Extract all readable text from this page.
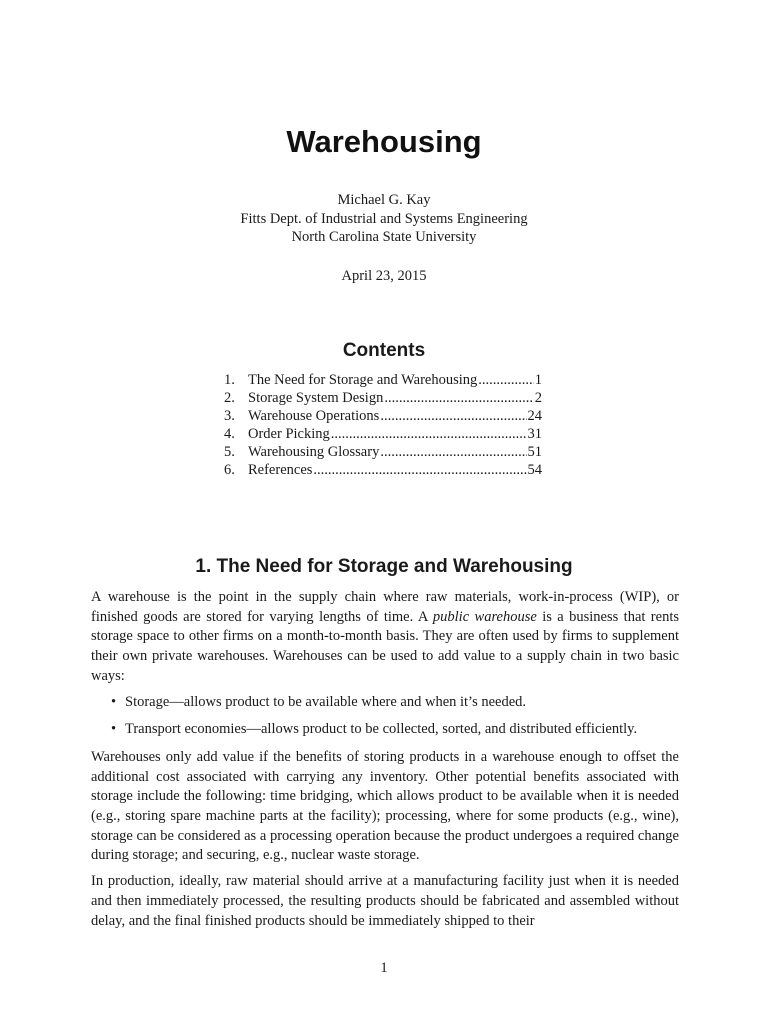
Warehousing
Michael G. Kay
Fitts Dept. of Industrial and Systems Engineering
North Carolina State University
April 23, 2015
Contents
1. The Need for Storage and Warehousing .....	1
2. Storage System Design .....	2
3. Warehouse Operations .....	24
4. Order Picking .....	31
5. Warehousing Glossary .....	51
6. References .....	54
1. The Need for Storage and Warehousing

A warehouse is the point in the supply chain where raw materials, work-in-process (WIP), or finished goods are stored for varying lengths of time. A public warehouse is a business that rents storage space to other firms on a month-to-month basis. They are often used by firms to supplement their own private warehouses. Warehouses can be used to add value to a supply chain in two basic ways:

• Storage—allows product to be available where and when it’s needed.
• Transport economies—allows product to be collected, sorted, and distributed efficiently.

Warehouses only add value if the benefits of storing products in a warehouse enough to offset the additional cost associated with carrying any inventory. Other potential benefits associated with storage include the following: time bridging, which allows product to be available when it is needed (e.g., storing spare machine parts at the facility); processing, where for some products (e.g., wine), storage can be considered as a processing operation because the product undergoes a required change during storage; and securing, e.g., nuclear waste storage.

In production, ideally, raw material should arrive at a manufacturing facility just when it is needed and then immediately processed, the resulting products should be fabricated and assembled without delay, and the final finished products should be immediately shipped to their

1
